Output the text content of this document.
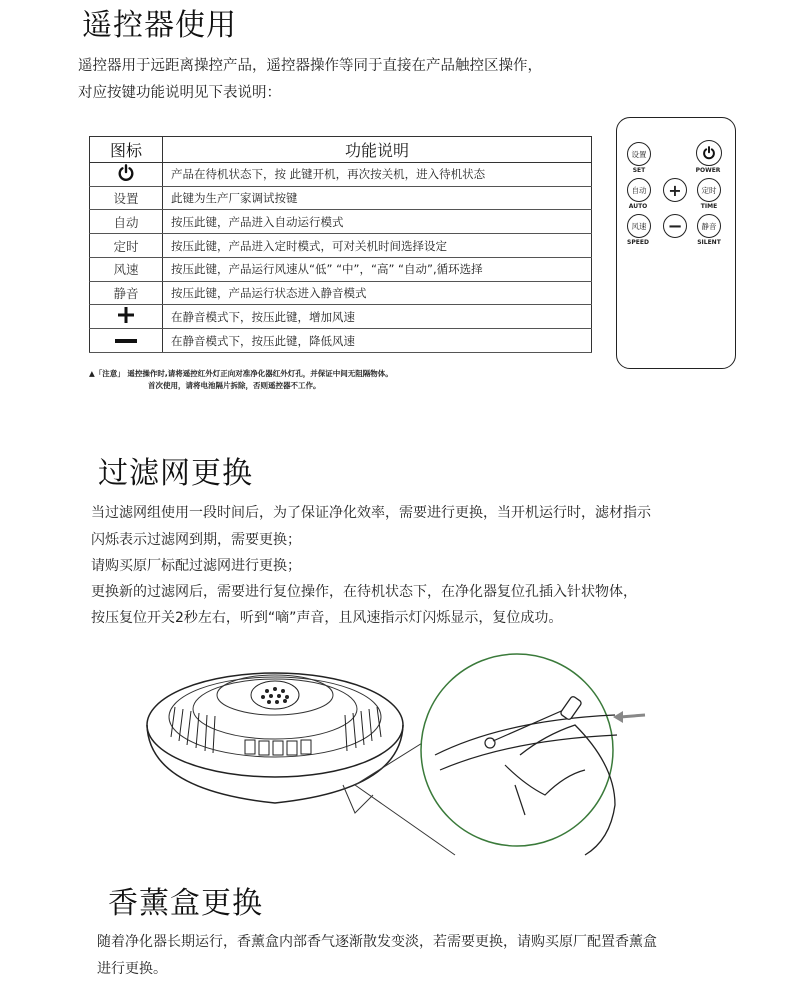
遥控器使用
遥控器用于远距离操控产品，遥控器操作等同于直接在产品触控区操作，
对应按键功能说明见下表说明：
图标	功能说明
	产品在待机状态下，按 此键开机，再次按关机，进入待机状态
设置	此键为生产厂家调试按键
自动	按压此键，产品进入自动运行模式
定时	按压此键，产品进入定时模式，可对关机时间选择设定
风速	按压此键，产品运行风速从“低” “中”，“高” “自动”,循环选择
静音	按压此键，产品运行状态进入静音模式
	在静音模式下，按压此键，增加风速
	在静音模式下，按压此键，降低风速
▲「注意」 遥控操作时,请将遥控红外灯正向对准净化器红外灯孔，并保证中间无阻隔物体。
首次使用，请将电池隔片拆除，否则遥控器不工作。
设置
SET	POWER
自动
AUTO
+	定时
TIME
风速
SPEED
−	静音
SILENT
过滤网更换
当过滤网组使用一段时间后，为了保证净化效率，需要进行更换，当开机运行时，滤材指示
闪烁表示过滤网到期，需要更换；
请购买原厂标配过滤网进行更换；
更换新的过滤网后，需要进行复位操作，在待机状态下，在净化器复位孔插入针状物体，
按压复位开关2秒左右，听到“嘀”声音，且风速指示灯闪烁显示，复位成功。
香薰盒更换
随着净化器长期运行，香薰盒内部香气逐渐散发变淡，若需要更换，请购买原厂配置香薰盒
进行更换。
